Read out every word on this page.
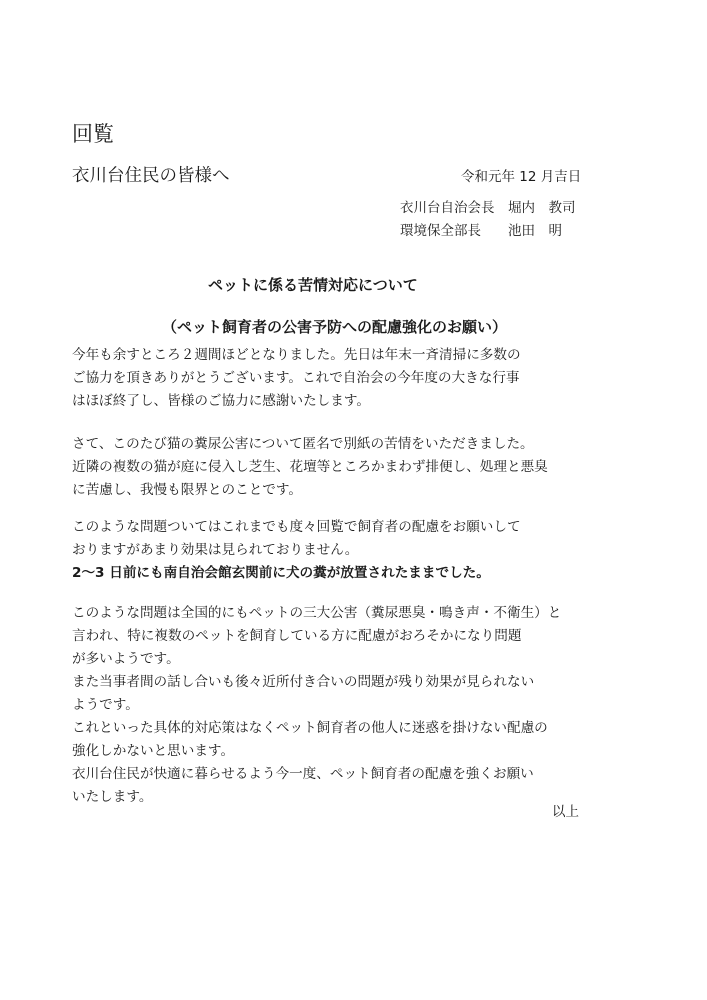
回覧
衣川台住民の皆様へ	令和元年 12 月吉日
衣川台自治会長　堀内　教司
環境保全部長　　池田　明
ペットに係る苦情対応について
（ペット飼育者の公害予防への配慮強化のお願い）
今年も余すところ２週間ほどとなりました。先日は年末一斉清掃に多数の
ご協力を頂きありがとうございます。これで自治会の今年度の大きな行事
はほぼ終了し、皆様のご協力に感謝いたします。
さて、このたび猫の糞尿公害について匿名で別紙の苦情をいただきました。
近隣の複数の猫が庭に侵入し芝生、花壇等ところかまわず排便し、処理と悪臭
に苦慮し、我慢も限界とのことです。
このような問題ついてはこれまでも度々回覧で飼育者の配慮をお願いして
おりますがあまり効果は見られておりません。
2～3 日前にも南自治会館玄関前に犬の糞が放置されたままでした。
このような問題は全国的にもペットの三大公害（糞尿悪臭・鳴き声・不衛生）と
言われ、特に複数のペットを飼育している方に配慮がおろそかになり問題
が多いようです。
また当事者間の話し合いも後々近所付き合いの問題が残り効果が見られない
ようです。
これといった具体的対応策はなくペット飼育者の他人に迷惑を掛けない配慮の
強化しかないと思います。
衣川台住民が快適に暮らせるよう今一度、ペット飼育者の配慮を強くお願い
いたします。
以上
